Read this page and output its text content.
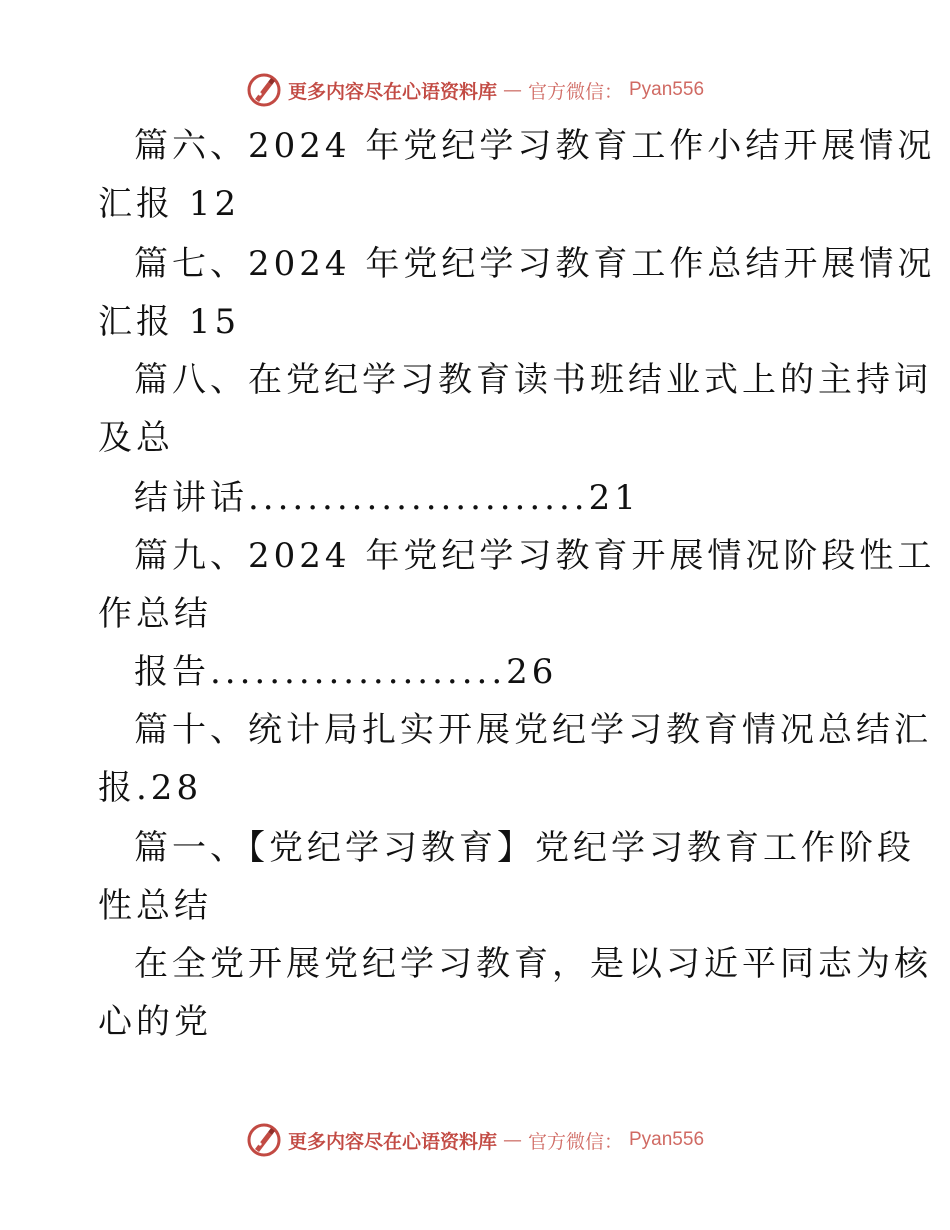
更多内容尽在心语资料库 — 官方微信： Pyan556
篇六、2024 年党纪学习教育工作小结开展情况
汇报 12
篇七、2024 年党纪学习教育工作总结开展情况
汇报 15
篇八、在党纪学习教育读书班结业式上的主持词
及总
结讲话.......................21
篇九、2024 年党纪学习教育开展情况阶段性工
作总结
报告....................26
篇十、统计局扎实开展党纪学习教育情况总结汇
报.28
篇一、【党纪学习教育】党纪学习教育工作阶段
性总结
在全党开展党纪学习教育，是以习近平同志为核
心的党
更多内容尽在心语资料库 — 官方微信： Pyan556
